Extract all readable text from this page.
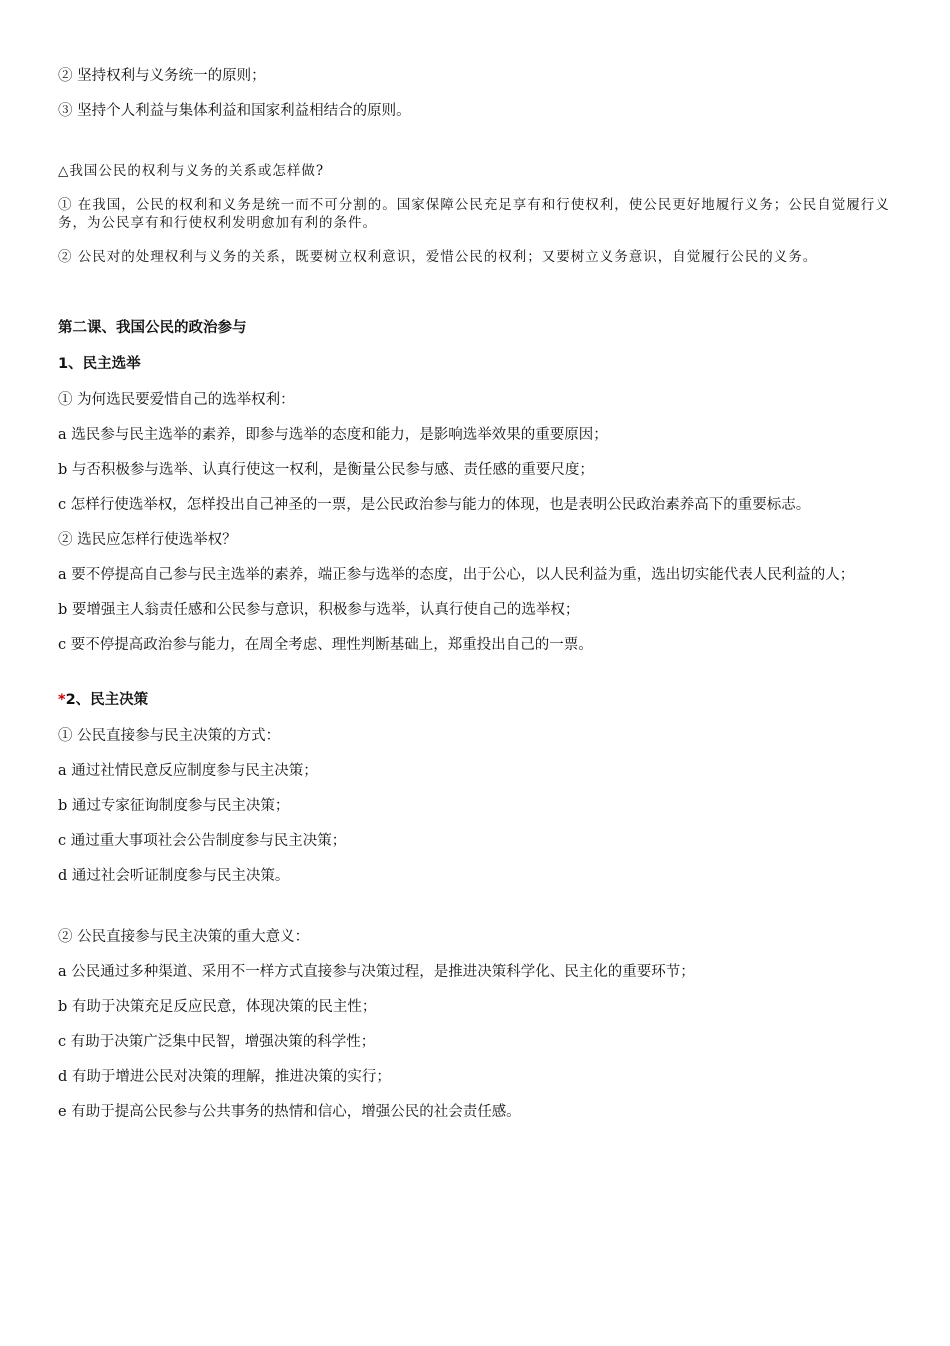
② 坚持权利与义务统一的原则；

③ 坚持个人利益与集体利益和国家利益相结合的原则。

△我国公民的权利与义务的关系或怎样做?

① 在我国，公民的权利和义务是统一而不可分割的。国家保障公民充足享有和行使权利，使公民更好地履行义务；公民自觉履行义务，为公民享有和行使权利发明愈加有利的条件。

② 公民对的处理权利与义务的关系，既要树立权利意识，爱惜公民的权利；又要树立义务意识，自觉履行公民的义务。

第二课、我国公民的政治参与

1、民主选举

① 为何选民要爱惜自己的选举权利：

a 选民参与民主选举的素养，即参与选举的态度和能力，是影响选举效果的重要原因；

b 与否积极参与选举、认真行使这一权利，是衡量公民参与感、责任感的重要尺度；

c 怎样行使选举权，怎样投出自己神圣的一票，是公民政治参与能力的体现，也是表明公民政治素养高下的重要标志。

② 选民应怎样行使选举权？

a 要不停提高自己参与民主选举的素养，端正参与选举的态度，出于公心，以人民利益为重，选出切实能代表人民利益的人；

b 要增强主人翁责任感和公民参与意识，积极参与选举，认真行使自己的选举权；

c 要不停提高政治参与能力，在周全考虑、理性判断基础上，郑重投出自己的一票。

*2、民主决策

① 公民直接参与民主决策的方式：

a 通过社情民意反应制度参与民主决策；

b 通过专家征询制度参与民主决策；

c 通过重大事项社会公告制度参与民主决策；

d 通过社会听证制度参与民主决策。

② 公民直接参与民主决策的重大意义：

a 公民通过多种渠道、采用不一样方式直接参与决策过程，是推进决策科学化、民主化的重要环节；

b 有助于决策充足反应民意，体现决策的民主性；

c 有助于决策广泛集中民智，增强决策的科学性；

d 有助于增进公民对决策的理解，推进决策的实行；

e 有助于提高公民参与公共事务的热情和信心，增强公民的社会责任感。
